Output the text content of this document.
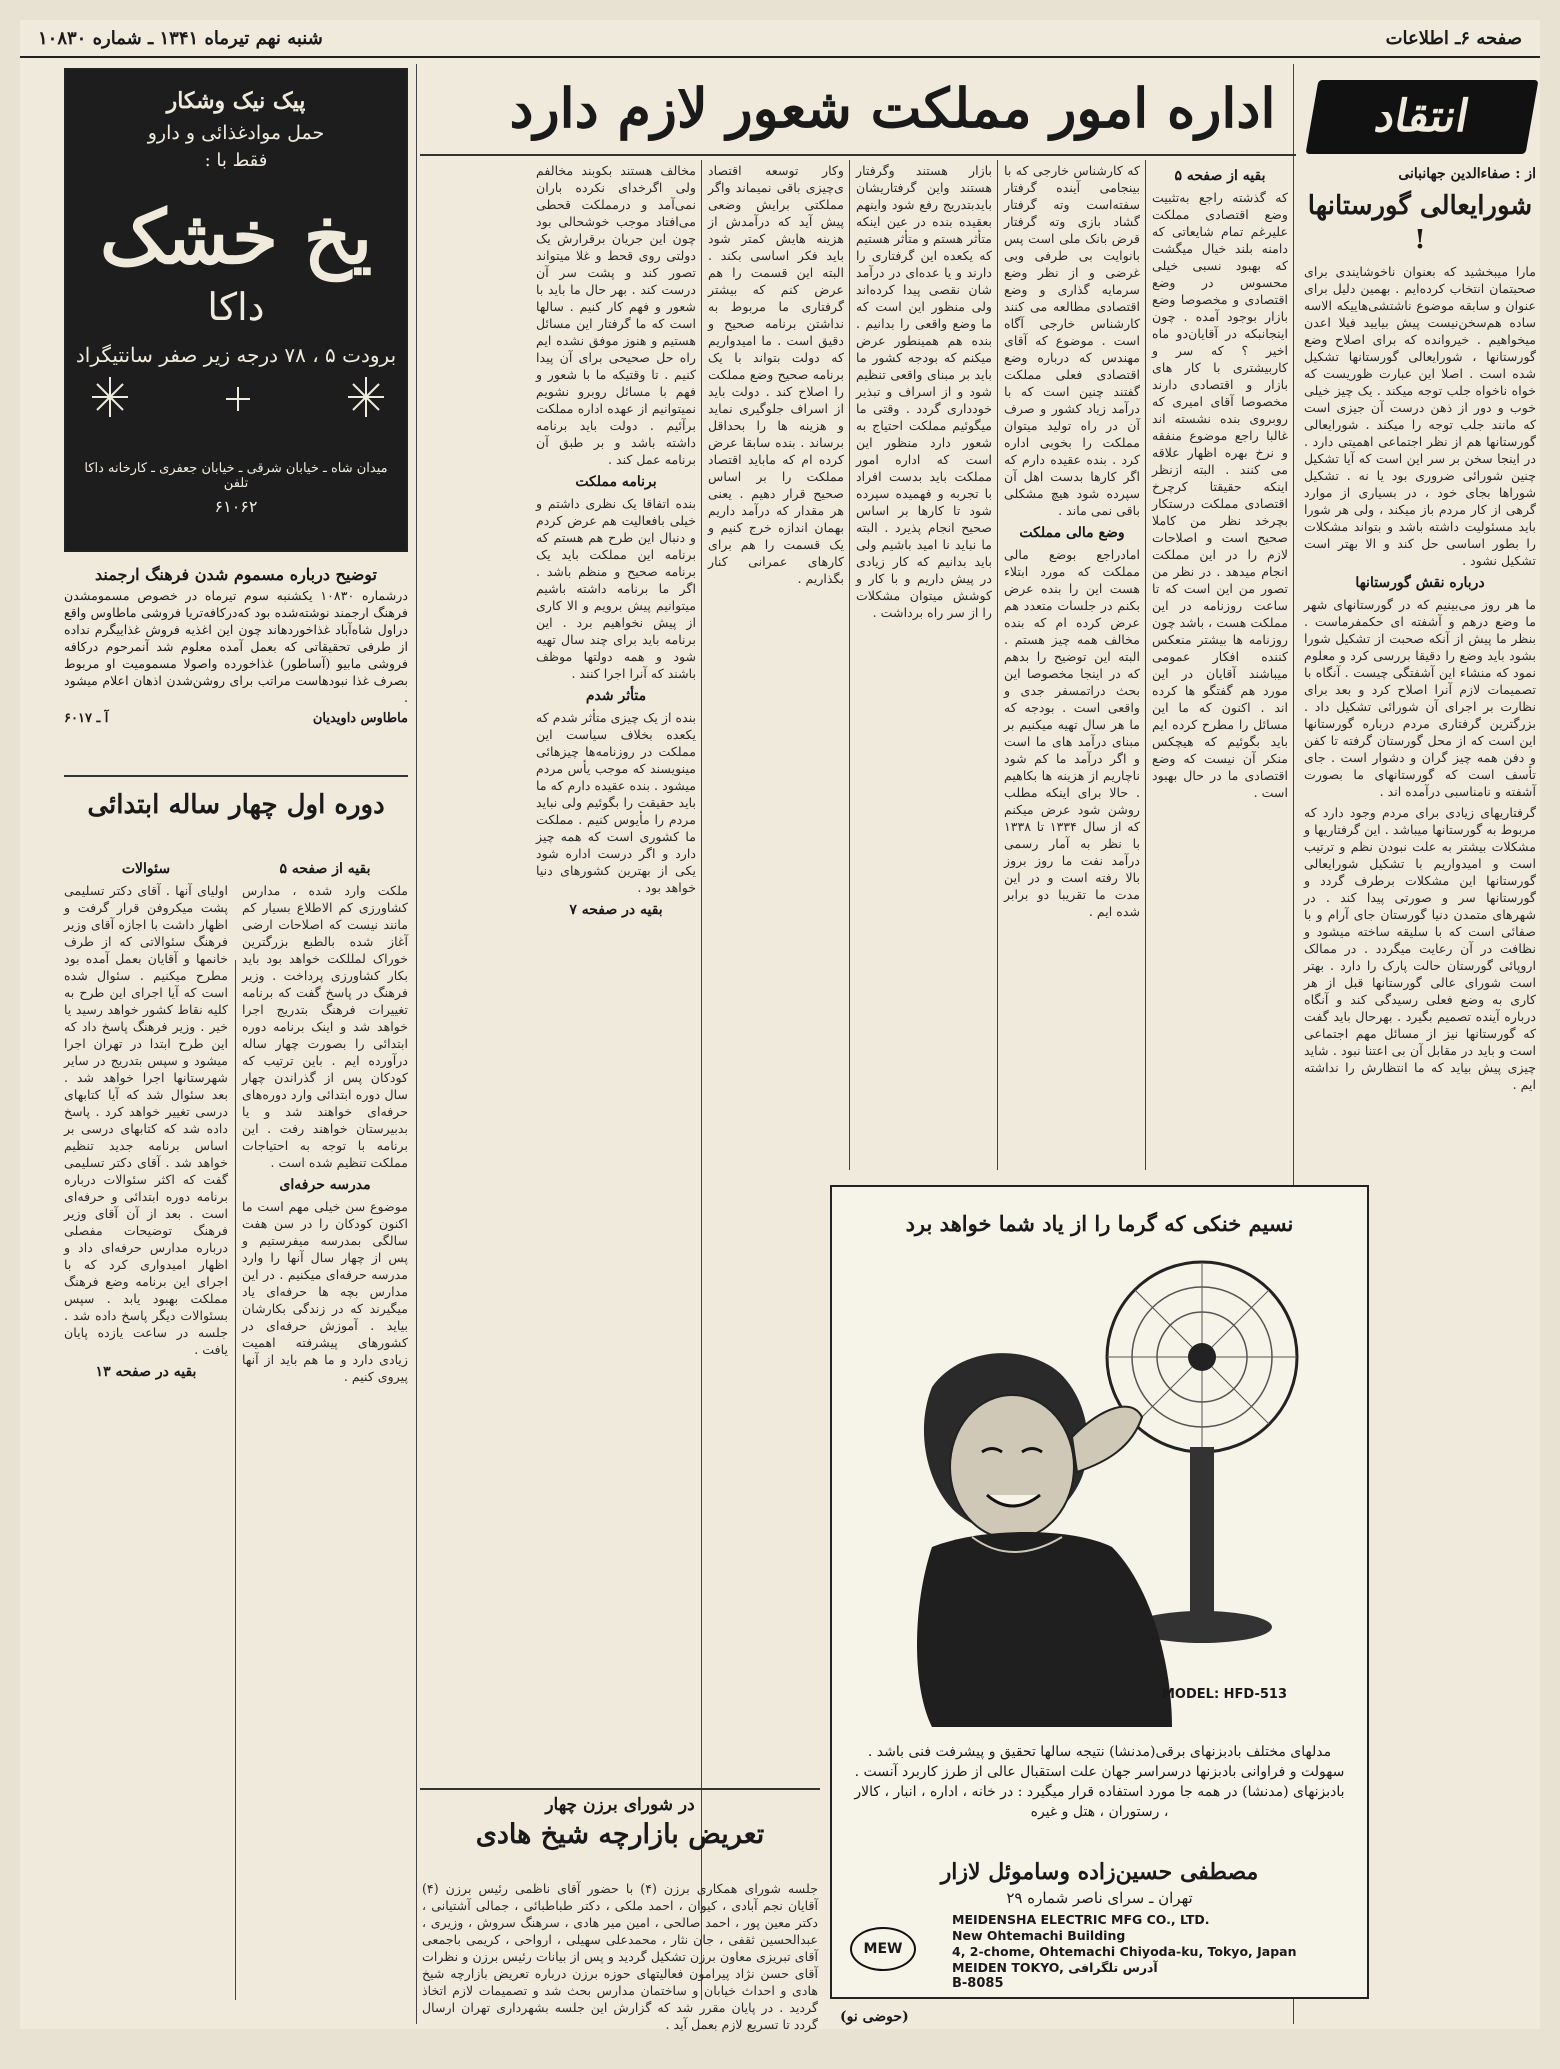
صفحه ۶ـ اطلاعات
شنبه نهم تیرماه ۱۳۴۱ ـ شماره ۱۰۸۳۰
اداره امور مملکت شعور لازم دارد	انتقاد
از : صفاءالدین جهانبانی
شورایعالی گورستانها !

مارا میبخشید که بعنوان ناخوشایندی برای صحبتمان انتخاب کرده‌ایم . بهمین دلیل برای عنوان و سابقه موضوع ناشتشی‌هاییکه الاسه ساده هم‌سخن‌نیست پیش بیایید فیلا اعدن میخواهیم . خیروانده که برای اصلاح وضع گورستانها ، شورایعالی گورستانها تشکیل شده است . اصلا این عبارت ظوریست که خواه ناخواه جلب توجه میکند . یک چیز خیلی خوب و دور از ذهن درست آن جیزی است که مانند جلب توجه را میکند . شورایعالی گورستانها هم از نظر اجتماعی اهمیتی دارد . در اینجا سخن بر سر این است که آیا تشکیل چنین شورائی ضروری بود یا نه . تشکیل شوراها بجای خود ، در بسیاری از موارد گرهی از کار مردم باز میکند ، ولی هر شورا باید مسئولیت داشته باشد و بتواند مشکلات را بطور اساسی حل کند و الا بهتر است تشکیل نشود .

درباره نقش گورستانها

ما هر روز می‌بینیم که در گورستانهای شهر ما وضع درهم و آشفته ای حکمفرماست . بنظر ما پیش از آنکه صحبت از تشکیل شورا بشود باید وضع را دقیقا بررسی کرد و معلوم نمود که منشاء این آشفتگی چیست . آنگاه با تصمیمات لازم آنرا اصلاح کرد و بعد برای نظارت بر اجرای آن شورائی تشکیل داد . بزرگترین گرفتاری مردم درباره گورستانها این است که از محل گورستان گرفته تا کفن و دفن همه چیز گران و دشوار است . جای تأسف است که گورستانهای ما بصورت آشفته و نامناسبی درآمده اند .

گرفتاریهای زیادی برای مردم وجود دارد که مربوط به گورستانها میباشد . این گرفتاریها و مشکلات بیشتر به علت نبودن نظم و ترتیب است و امیدواریم با تشکیل شورایعالی گورستانها این مشکلات برطرف گردد و گورستانها سر و صورتی پیدا کند . در شهرهای متمدن دنیا گورستان جای آرام و با صفائی است که با سلیقه ساخته میشود و نظافت در آن رعایت میگردد . در ممالک اروپائی گورستان حالت پارک را دارد . بهتر است شورای عالی گورستانها قبل از هر کاری به وضع فعلی رسیدگی کند و آنگاه درباره آینده تصمیم بگیرد . بهرحال باید گفت که گورستانها نیز از مسائل مهم اجتماعی است و باید در مقابل آن بی اعتنا نبود . شاید چیزی پیش بیاید که ما انتظارش را نداشته ایم .

بقیه از صفحه ۵

که گذشته راجع به‌تثبیت وضع اقتصادی مملکت علیرغم تمام شایعاتی که دامنه بلند خیال میگشت که بهبود نسبی خیلی محسوس در وضع اقتصادی و مخصوصا وضع بازار بوجود آمده . چون اینجانبکه در آقایان‌دو ماه اخیر ؟ که سر و کاربیشتری با کار های بازار و اقتصادی دارند مخصوصا آقای امیری که روبروی بنده نشسته اند غالبا راجع موضوع منفقه و نرخ بهره اظهار علاقه می کنند . البته ازنظر اینکه حقیقتا کرچرخ اقتصادی مملکت درستکار بچرخد نظر من کاملا صحیح است و اصلاحات لازم را در این مملکت انجام میدهد . در نظر من تصور من این است که تا ساعت روزنامه در این مملکت هست ، باشد چون روزنامه ها بیشتر منعکس کننده افکار عمومی میباشند آقایان در این مورد هم گفتگو ها کرده اند . اکنون که ما این مسائل را مطرح کرده ایم باید بگوئیم که هیچکس منکر آن نیست که وضع اقتصادی ما در حال بهبود است .

که کارشناس خارجی که با بینجامی آینده گرفتار سفته‌است وته گرفتار گشاد بازی‌ وته گرفتار قرض بانک ملی است پس بانوایت بی طرفی وبی غرضی و از نظر وضع سرمایه گذاری و وضع اقتصادی مطالعه می کنند کارشناس خارجی آگاه است . موضوع که آقای مهندس که درباره وضع اقتصادی فعلی مملکت گفتند چنین است که با درآمد زیاد کشور و صرف آن در راه تولید میتوان مملکت را بخوبی اداره کرد . بنده عقیده دارم که اگر کارها بدست اهل آن سپرده شود هیچ مشکلی باقی نمی ماند .

وضع مالی مملکت

امادراجع بوضع مالی مملکت که مورد ابتلاء هست این را بنده عرض بکنم در جلسات متعدد هم عرض کرده ام که بنده مخالف همه چیز هستم . البته این توضیح را بدهم که در اینجا مخصوصا این بحث دراتمسفر جدی و واقعی است . بودجه که ما هر سال تهیه میکنیم بر مبنای درآمد های ما است و اگر درآمد ما کم شود ناچاریم از هزینه ها بکاهیم . حالا برای اینکه مطلب روشن شود عرض میکنم که از سال ۱۳۳۴ تا ۱۳۳۸ با نظر به آمار رسمی درآمد نفت ما روز بروز بالا رفته است و در این مدت ما تقریبا دو برابر شده ایم .

بازار هستند وگرفتار هستند واین گرفتاریشان بایدبتدریج رفع شود واینهم بعقیده بنده در عین اینکه متأثر هستم و متأثر هستیم که یکعده‌ این گرفتاری را دارند و یا عده‌ای در درآمد شان نقصی پیدا کرده‌اند ولی منظور این است که ما وضع واقعی را بدانیم . بنده هم همینطور عرض میکنم که بودجه کشور ما باید بر مبنای واقعی تنظیم شود و از اسراف و تبذیر خودداری گردد . وقتی ما میگوئیم مملکت احتیاج به شعور دارد منظور این است که اداره امور مملکت باید بدست افراد با تجربه و فهمیده سپرده شود تا کارها بر اساس صحیح انجام پذیرد . البته ما نباید نا امید باشیم ولی باید بدانیم که کار زیادی در پیش داریم و با کار و کوشش میتوان مشکلات را از سر راه برداشت .

وکار توسعه اقتصاد ی‌چیزی باقی نمیماند واگر مملکتی برایش وضعی پیش آید که درآمدش از هزینه هایش کمتر شود باید فکر اساسی بکند . البته این قسمت را هم عرض کنم که بیشتر گرفتاری ما مربوط به نداشتن برنامه صحیح و دقیق است . ما امیدواریم که دولت بتواند با یک برنامه صحیح وضع مملکت را اصلاح کند . دولت باید از اسراف جلوگیری نماید و هزینه ها را بحداقل برساند . بنده سابقا عرض کرده ام که ماباید اقتصاد مملکت را بر اساس صحیح قرار دهیم . یعنی هر مقدار که درآمد داریم بهمان اندازه خرج کنیم و یک قسمت را هم برای کارهای عمرانی کنار بگذاریم .

مخالف هستند بکوبند مخالفم ولی اگرخدای نکرده باران نمی‌آمد و درمملکت قحطی می‌افتاد موجب خوشحالی بود چون این جریان برقرارش یک دولتی روی قحط و غلا میتواند تصور کند و پشت سر آن درست کند . بهر حال ما باید با شعور و فهم کار کنیم . سالها است که ما گرفتار این مسائل هستیم و هنوز موفق نشده ایم راه حل صحیحی برای آن پیدا کنیم . تا وقتیکه ما با شعور و فهم با مسائل روبرو نشویم نمیتوانیم از عهده اداره مملکت برآئیم . دولت باید برنامه داشته باشد و بر طبق آن برنامه عمل کند .

برنامه مملکت

بنده اتفاقا یک نظری داشتم و خیلی بافعالیت هم عرض کردم و دنبال این طرح هم هستم که برنامه این مملکت باید یک برنامه صحیح و منظم باشد . اگر ما برنامه داشته باشیم میتوانیم پیش برویم و الا کاری از پیش نخواهیم برد . این برنامه باید برای چند سال تهیه شود و همه دولتها موظف باشند که آنرا اجرا کنند .

متأثر شدم

بنده از یک چیزی متأثر شدم که یکعده بخلاف سیاست این مملکت در روزنامه‌ها چیزهائی مینویسند که موجب یأس مردم میشود . بنده عقیده دارم که ما باید حقیقت را بگوئیم ولی نباید مردم را مأیوس کنیم . مملکت ما کشوری است که همه چیز دارد و اگر درست اداره شود یکی از بهترین کشورهای دنیا خواهد بود .

بقیه در صفحه ۷
پیک نیک وشکار
حمل موادغذائی و دارو
فقط با :
یخ خشک
داکا
برودت ۵ ، ۷۸ درجه زیر صفر سانتیگراد
میدان شاه‌ ـ خیابان شرقی ـ خیابان جعفری ـ کارخانه داکا تلفن
۶۱۰۶۲
توضیح درباره مسموم شدن فرهنگ ارجمند

درشماره ۱۰۸۳۰ یکشنبه سوم تیرماه در خصوص مسمومشدن فرهنگ ارجمند نوشته‌شده بود که‌درکافه‌تریا فروشی ماطاوس واقع دراول شاه‌آباد غذاخوردهاند چون این اغذیه فروش غذاییگرم نداده از طرفی تحقیقاتی که بعمل آمده معلوم شد آنمرحوم درکافه فروشی مابیو (آساطور) غذاخورده‌ واصولا مسمومیت او مربوط بصرف غذا نبودهاست مراتب برای روشن‌شدن اذهان اعلام میشود .

ماطاوس داویدیان
آ ـ ۶۰۱۷
دوره اول چهار ساله ابتدائی
بقیه از صفحه ۵

ملکت وارد شده ، مدارس کشاورزی کم الاطلاع بسیار کم مانند نیست که اصلاحات ارضی آغاز شده بالطبع بزرگترین خوراک لمللکت خواهد بود باید بکار کشاورزی پرداخت . وزیر فرهنگ در پاسخ گفت که برنامه تغییرات فرهنگ بتدریج اجرا خواهد شد و اینک برنامه دوره ابتدائی را بصورت چهار ساله درآورده ایم . باین ترتیب که کودکان پس از گذراندن چهار سال دوره ابتدائی وارد دوره‌های حرفه‌ای خواهند شد و یا بدبیرستان خواهند رفت . این برنامه با توجه به احتیاجات مملکت تنظیم شده است .

مدرسه حرفه‌ای

موضوع سن خیلی مهم است ما اکنون کودکان را در سن هفت سالگی بمدرسه میفرستیم و پس از چهار سال آنها را وارد مدرسه حرفه‌ای میکنیم . در این مدارس بچه ها حرفه‌ای یاد میگیرند که در زندگی بکارشان بیاید . آموزش حرفه‌ای در کشورهای پیشرفته اهمیت زیادی دارد و ما هم باید از آنها پیروی کنیم .

سئوالات

اولیای آنها . آقای دکتر تسلیمی پشت میکروفن قرار گرفت و اظهار داشت با اجازه آقای وزیر فرهنگ سئوالاتی که از طرف خانمها و آقایان بعمل آمده بود مطرح میکنیم . سئوال شده است که آیا اجرای این طرح به کلیه نقاط کشور خواهد رسید یا خیر . وزیر فرهنگ پاسخ داد که این طرح ابتدا در تهران اجرا میشود و سپس بتدریج در سایر شهرستانها اجرا خواهد شد . بعد سئوال شد که آیا کتابهای درسی تغییر خواهد کرد . پاسخ داده شد که کتابهای درسی بر اساس برنامه جدید تنظیم خواهد شد . آقای دکتر تسلیمی گفت که اکثر سئوالات درباره برنامه دوره ابتدائی و حرفه‌ای است . بعد از آن آقای وزیر فرهنگ توضیحات مفصلی درباره مدارس حرفه‌ای داد و اظهار امیدواری کرد که با اجرای این برنامه وضع فرهنگ مملکت بهبود یابد . سپس بسئوالات دیگر پاسخ داده شد . جلسه در ساعت یازده پایان یافت .

بقیه در صفحه ۱۳
نسیم خنکی که گرما را از یاد شما خواهد برد
MODEL: HFD-513
مدلهای مختلف بادبزنهای برقی(مدنشا) نتیجه سالها تحقیق و پیشرفت فنی باشد . سهولت و فراوانی بادبزنها درسراسر جهان علت استقبال عالی از طرز کاربرد آنست . بادبزنهای (مدنشا) در همه جا مورد استفاده قرار میگیرد : در خانه ، اداره ، انبار ، کالار ، رستوران ، هتل و غیره
مصطفی حسین‌زاده وساموئل لازار
تهران ـ سرای ناصر شماره ۲۹
MEIDENSHA ELECTRIC MFG CO., LTD.
New Ohtemachi Building
4, 2-chome, Ohtemachi Chiyoda-ku, Tokyo, Japan
MEIDEN TOKYO, آدرس تلگرافی
MEW
B-8085
در شورای برزن چهار
تعریض بازارچه شیخ هادی

جلسه شورای همکاری برزن (۴) با حضور آقای ناظمی رئیس برزن (۴) آقایان نجم آبادی ، کیوان ، احمد ملکی ، دکتر طباطبائی ، جمالی آشتیانی ، دکتر معین پور ، احمد صالحی ، امین میر هادی ، سرهنگ سروش ، وزیری ، عبدالحسین ثقفی ، جان نثار ، محمدعلی سهیلی ، ارواحی ، کریمی باجمعی آقای تبریزی معاون برزن تشکیل گردید و پس از بیانات رئیس برزن و نظرات آقای حسن نژاد پیرامون فعالیتهای حوزه برزن درباره تعریض بازارچه شیخ هادی و احداث خیابان و ساختمان مدارس بحث شد و تصمیمات لازم اتخاذ گردید . در پایان مقرر شد که گزارش این جلسه بشهرداری تهران ارسال گردد تا تسریع لازم بعمل آید . (حوضی‌ نو)
